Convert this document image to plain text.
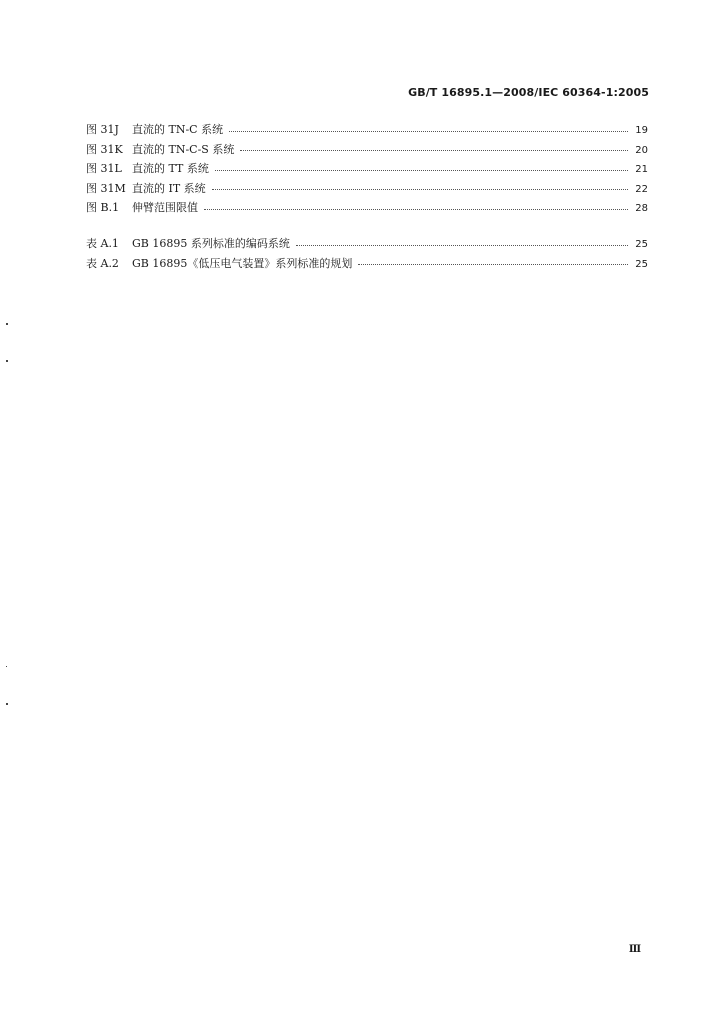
GB/T 16895.1—2008/IEC 60364-1:2005
图 31J	直流的 TN-C 系统	19
图 31K 直流的 TN-C-S 系统	20
图 31L 直流的 TT 系统	21
图 31M 直流的 IT 系统	22
图 B.1	伸臂范围限值	28
表 A.1	GB 16895 系列标准的编码系统	25
表 A.2	GB 16895《低压电气装置》系列标准的规划	25
Ⅲ
